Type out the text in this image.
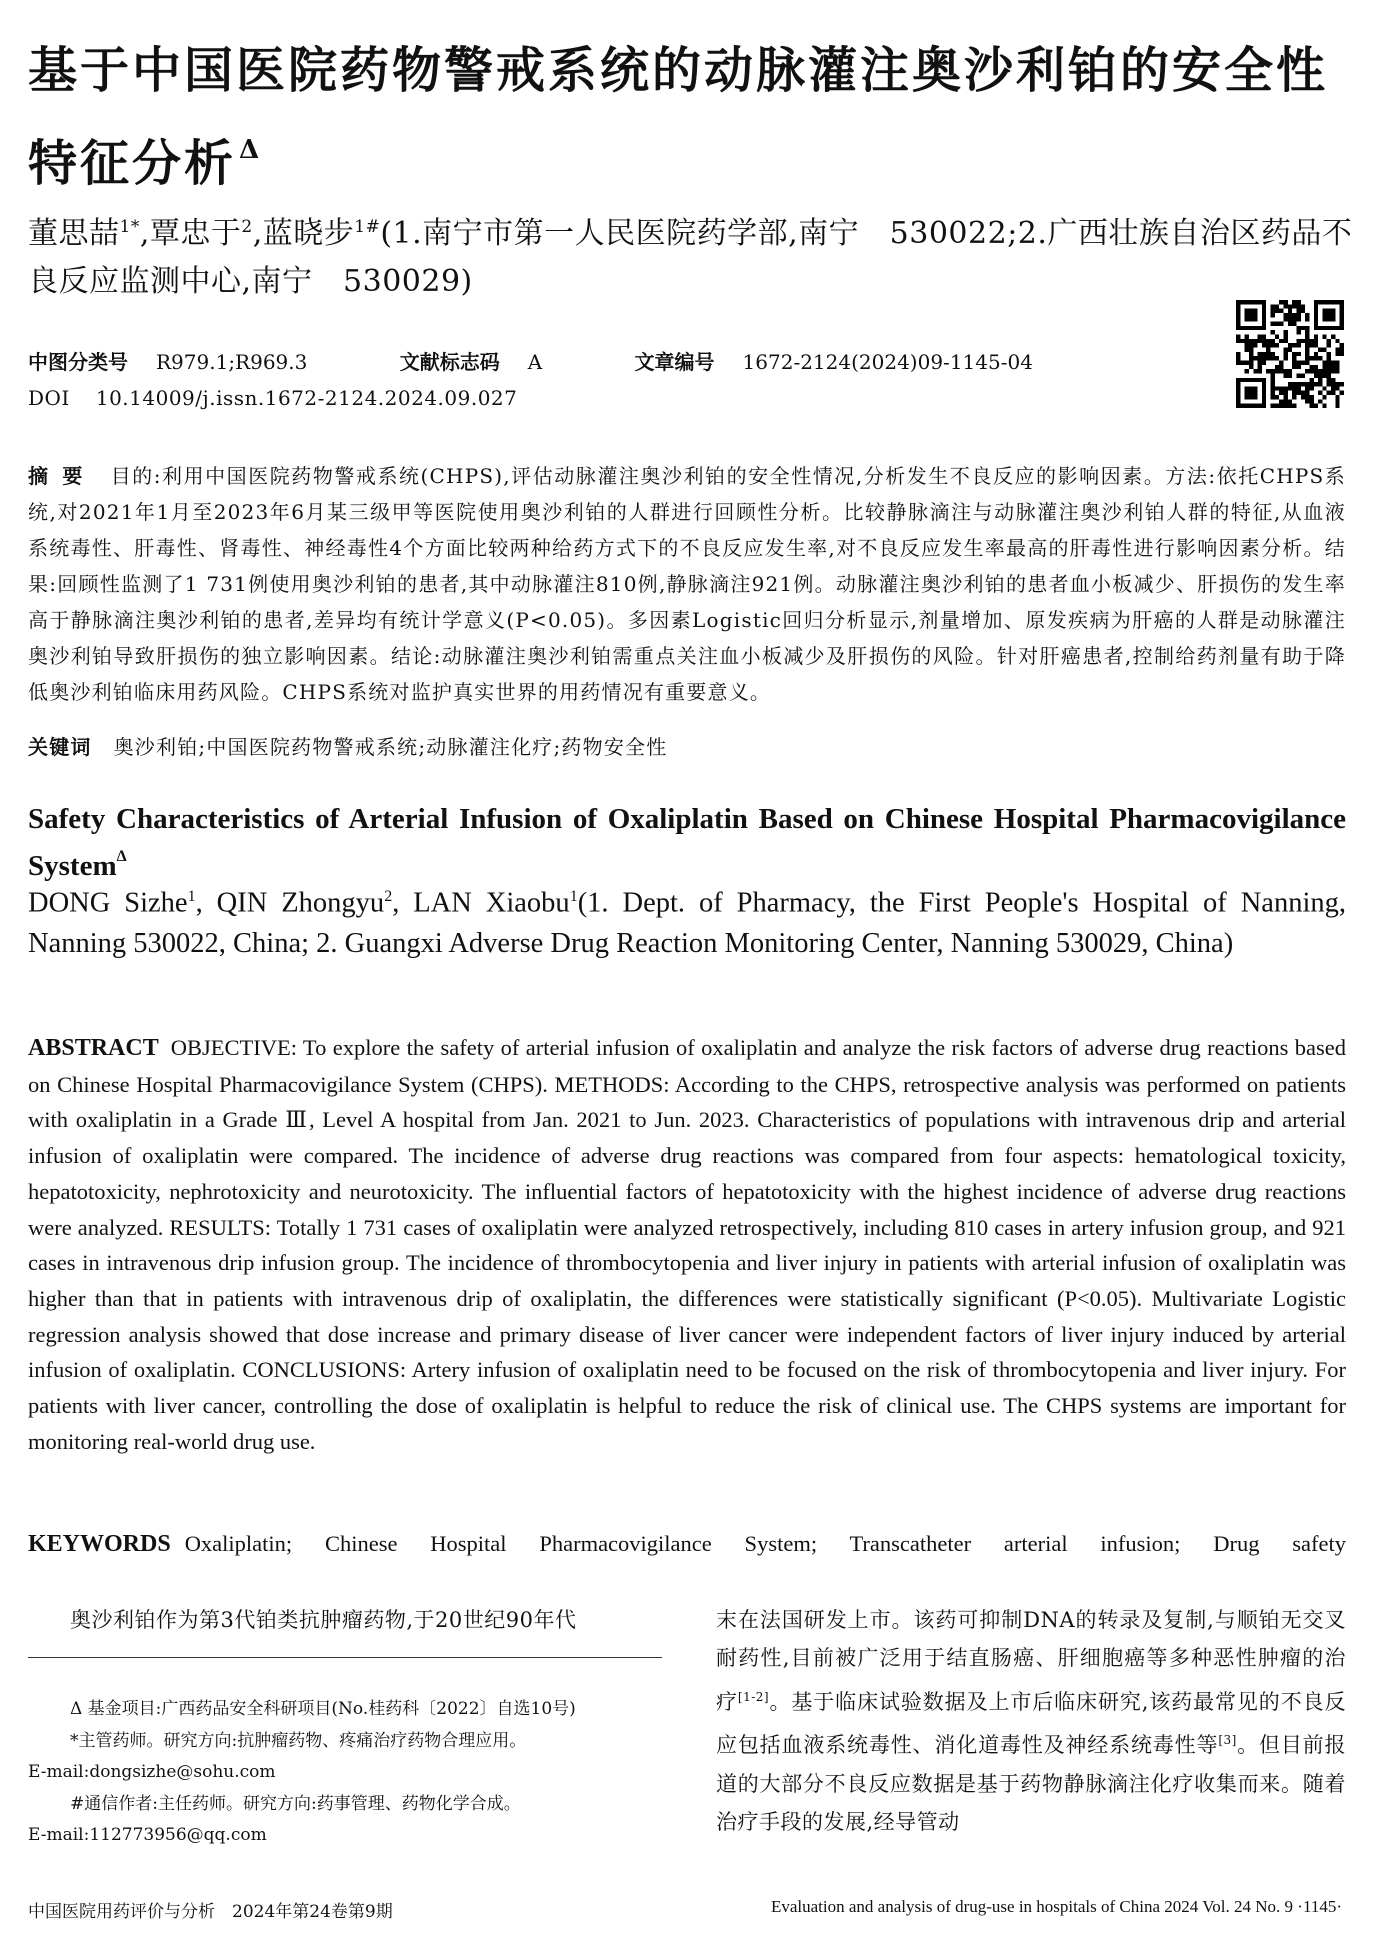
基于中国医院药物警戒系统的动脉灌注奥沙利铂的安全性特征分析 $^\Delta$
董思喆$^{1*}$,覃忠于$^2$,蓝晓步$^{1\#}$(1.南宁市第一人民医院药学部,南宁　530022;2.广西壮族自治区药品不良反应监测中心,南宁　530029)
中图分类号 R979.1;R969.3	文献标志码 A	文章编号 1672-2124(2024)09-1145-04
DOI 10.14009/j.issn.1672-2124.2024.09.027
摘要 目的:利用中国医院药物警戒系统(CHPS),评估动脉灌注奥沙利铂的安全性情况,分析发生不良反应的影响因素。方法:依托CHPS系统,对2021年1月至2023年6月某三级甲等医院使用奥沙利铂的人群进行回顾性分析。比较静脉滴注与动脉灌注奥沙利铂人群的特征,从血液系统毒性、肝毒性、肾毒性、神经毒性4个方面比较两种给药方式下的不良反应发生率,对不良反应发生率最高的肝毒性进行影响因素分析。结果:回顾性监测了1 731例使用奥沙利铂的患者,其中动脉灌注810例,静脉滴注921例。动脉灌注奥沙利铂的患者血小板减少、肝损伤的发生率高于静脉滴注奥沙利铂的患者,差异均有统计学意义(P<0.05)。多因素Logistic回归分析显示,剂量增加、原发疾病为肝癌的人群是动脉灌注奥沙利铂导致肝损伤的独立影响因素。结论:动脉灌注奥沙利铂需重点关注血小板减少及肝损伤的风险。针对肝癌患者,控制给药剂量有助于降低奥沙利铂临床用药风险。CHPS系统对监护真实世界的用药情况有重要意义。
关键词 奥沙利铂;中国医院药物警戒系统;动脉灌注化疗;药物安全性
Safety Characteristics of Arterial Infusion of Oxaliplatin Based on Chinese Hospital Pharmacovigilance System$^\Delta$
DONG Sizhe$^1$, QIN Zhongyu$^2$, LAN Xiaobu$^1$(1. Dept. of Pharmacy, the First People's Hospital of Nanning, Nanning 530022, China; 2. Guangxi Adverse Drug Reaction Monitoring Center, Nanning 530029, China)
ABSTRACT OBJECTIVE: To explore the safety of arterial infusion of oxaliplatin and analyze the risk factors of adverse drug reactions based on Chinese Hospital Pharmacovigilance System (CHPS). METHODS: According to the CHPS, retrospective analysis was performed on patients with oxaliplatin in a Grade Ⅲ, Level A hospital from Jan. 2021 to Jun. 2023. Characteristics of populations with intravenous drip and arterial infusion of oxaliplatin were compared. The incidence of adverse drug reactions was compared from four aspects: hematological toxicity, hepatotoxicity, nephrotoxicity and neurotoxicity. The influential factors of hepatotoxicity with the highest incidence of adverse drug reactions were analyzed. RESULTS: Totally 1 731 cases of oxaliplatin were analyzed retrospectively, including 810 cases in artery infusion group, and 921 cases in intravenous drip infusion group. The incidence of thrombocytopenia and liver injury in patients with arterial infusion of oxaliplatin was higher than that in patients with intravenous drip of oxaliplatin, the differences were statistically significant (P<0.05). Multivariate Logistic regression analysis showed that dose increase and primary disease of liver cancer were independent factors of liver injury induced by arterial infusion of oxaliplatin. CONCLUSIONS: Artery infusion of oxaliplatin need to be focused on the risk of thrombocytopenia and liver injury. For patients with liver cancer, controlling the dose of oxaliplatin is helpful to reduce the risk of clinical use. The CHPS systems are important for monitoring real-world drug use.
KEYWORDS Oxaliplatin; Chinese Hospital Pharmacovigilance System; Transcatheter arterial infusion; Drug safety
奥沙利铂作为第3代铂类抗肿瘤药物,于20世纪90年代	末在法国研发上市。该药可抑制DNA的转录及复制,与顺铂无交叉耐药性,目前被广泛用于结直肠癌、肝细胞癌等多种恶性肿瘤的治疗[1-2]。基于临床试验数据及上市后临床研究,该药最常见的不良反应包括血液系统毒性、消化道毒性及神经系统毒性等[3]。但目前报道的大部分不良反应数据是基于药物静脉滴注化疗收集而来。随着治疗手段的发展,经导管动
Δ 基金项目:广西药品安全科研项目(No.桂药科〔2022〕自选10号)
*主管药师。研究方向:抗肿瘤药物、疼痛治疗药物合理应用。
E-mail:dongsizhe@sohu.com
#通信作者:主任药师。研究方向:药事管理、药物化学合成。
E-mail:112773956@qq.com
中国医院用药评价与分析　2024年第24卷第9期	Evaluation and analysis of drug-use in hospitals of China 2024 Vol. 24 No. 9 ·1145·
